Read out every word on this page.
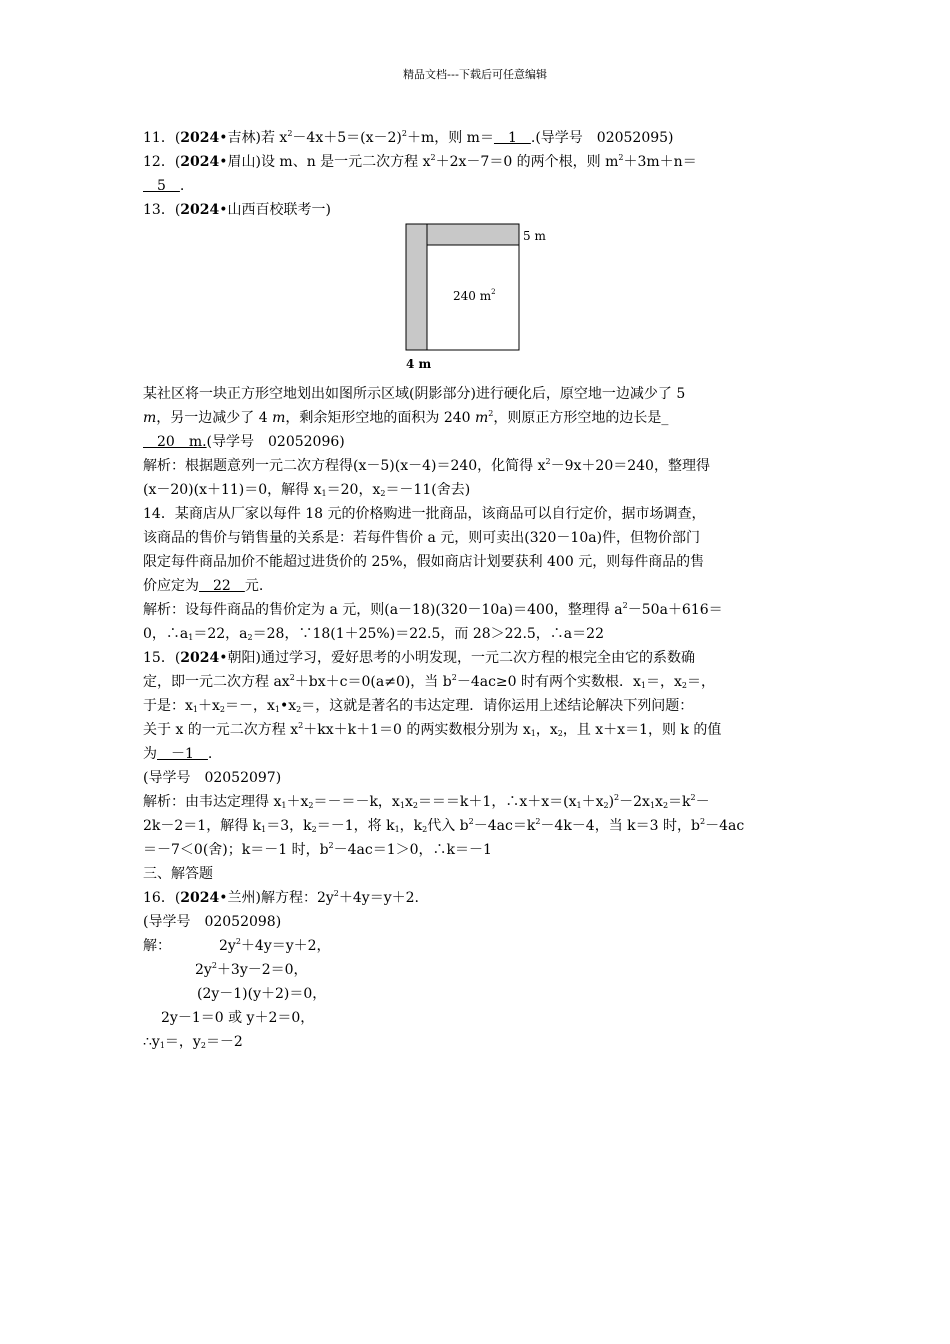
精品文档---下载后可任意编辑
11．(2024•吉林)若 $x^2-4x+5=(x-2)^2+m$，则 m＝　1　.(导学号　02052095)
12．(2024•眉山)设 m、n 是一元二次方程 $x^2+2x-7=0$ 的两个根，则 $m^2+3m+n=$
　5　.
13．(2024•山西百校联考一)
5 m
240 $m^2$
4 m
某社区将一块正方形空地划出如图所示区域(阴影部分)进行硬化后，原空地一边减少了 5
m，另一边减少了 4 m，剩余矩形空地的面积为 240 $m^2$，则原正方形空地的边长是_
　20　m.(导学号　02052096)
解析：根据题意列一元二次方程得(x－5)(x－4)＝240，化简得 $x^2-9x+20=240$，整理得
(x－20)(x＋11)＝0，解得 $x_1=20$，$x_2=-11$(舍去)
14．某商店从厂家以每件 18 元的价格购进一批商品，该商品可以自行定价，据市场调查，
该商品的售价与销售量的关系是：若每件售价 a 元，则可卖出(320－10a)件，但物价部门
限定每件商品加价不能超过进货价的 25%，假如商店计划要获利 400 元，则每件商品的售
价应定为　22　元.
解析：设每件商品的售价定为 a 元，则(a－18)(320－10a)＝400，整理得 $a^2-50a+616=$
0，$\therefore a_1=22$，$a_2=28$，∵18(1＋25%)＝22.5，而 28＞22.5，∴a＝22
15．(2024•朝阳)通过学习，爱好思考的小明发现，一元二次方程的根完全由它的系数确
定，即一元二次方程 $ax^2+bx+c=0(a\ne 0)$，当 $b^2-4ac\ge 0$ 时有两个实数根．$x_1=$，$x_2=$，
于是：$x_1+x_2=-$，$x_1•x_2=$，这就是著名的韦达定理．请你运用上述结论解决下列问题：
关于 x 的一元二次方程 $x^2+kx+k+1=0$ 的两实数根分别为 $x_1$，$x_2$，且 x＋x＝1，则 k 的值
为　－1　.
(导学号　02052097)
解析：由韦达定理得 $x_1+x_2=-=-k$，$x_1x_2===k+1$，$\therefore x+x=(x_1+x_2)^2-2x_1x_2=k^2-$
2k－2＝1，解得 $k_1=3$，$k_2=-1$，将 $k_1$，$k_2$代入 $b^2-4ac=k^2-4k-4$，当 k＝3 时，$b^2-4ac$
＝－7＜0(舍)；k＝－1 时，$b^2-4ac=1>0$，∴k＝－1
三、解答题
16．(2024•兰州)解方程：$2y^2+4y=y+2$.
(导学号　02052098)
解：	$2y^2+4y=y+2$，
$2y^2+3y-2=0$，
(2y－1)(y＋2)＝0，
2y－1＝0 或 y＋2＝0，
$\therefore y_1=$，$y_2=-2$
